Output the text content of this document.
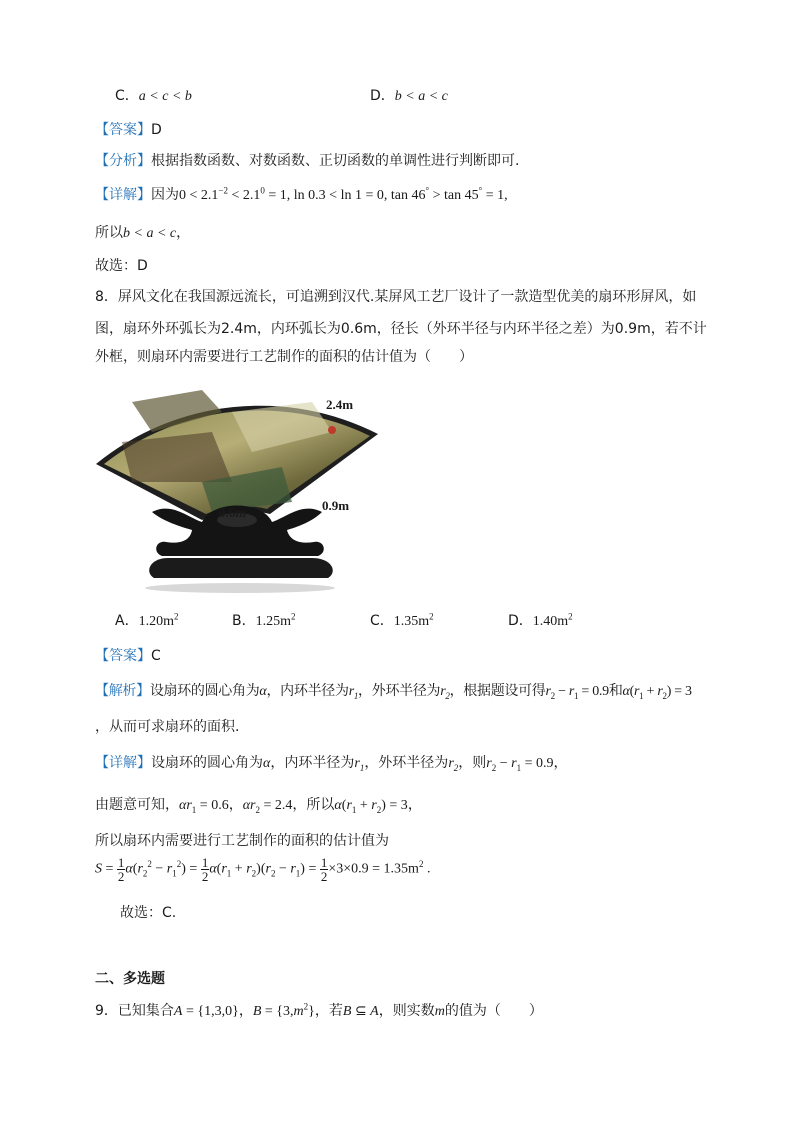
C．a < c < b	D．b < a < c
【答案】D
【分析】根据指数函数、对数函数、正切函数的单调性进行判断即可.
【详解】因为$0 < 2.1^{-2} < 2.1^0 = 1$, ln 0.3 < ln 1 = 0, tan 46° > tan 45° = 1,
所以b < a < c，
故选：D
8．屏风文化在我国源远流长，可追溯到汉代.某屏风工艺厂设计了一款造型优美的扇环形屏风，如
图，扇环外环弧长为2.4m，内环弧长为0.6m，径长（外环半径与内环半径之差）为0.9m，若不计
外框，则扇环内需要进行工艺制作的面积的估计值为（　　）
2.4m
0.9m
0.6m
A．$1.20m^2$	B．$1.25m^2$	C．$1.35m^2$	D．$1.40m^2$
【答案】C
【解析】设扇环的圆心角为α，内环半径为$r_1$，外环半径为$r_2$，根据题设可得$r_2 - r_1 = 0.9$和$\alpha(r_1 + r_2) = 3$
，从而可求扇环的面积.
【详解】设扇环的圆心角为α，内环半径为$r_1$，外环半径为$r_2$，则$r_2 - r_1 = 0.9$，
由题意可知，$\alpha r_1 = 0.6$，$\alpha r_2 = 2.4$，所以$\alpha(r_1 + r_2) = 3$，
所以扇环内需要进行工艺制作的面积的估计值为
$S = \frac{1}{2} \alpha(r_2^2 - r_1^2) = \frac{1}{2} \alpha(r_1 + r_2)(r_2 - r_1) = \frac{1}{2} \times 3\times 0.9 = 1.35m^2$ .
故选：C.
二、多选题
9．已知集合A = {1,3,0}，$B = \{3,m^2\}$，若B ⊆ A，则实数m的值为（　　）
